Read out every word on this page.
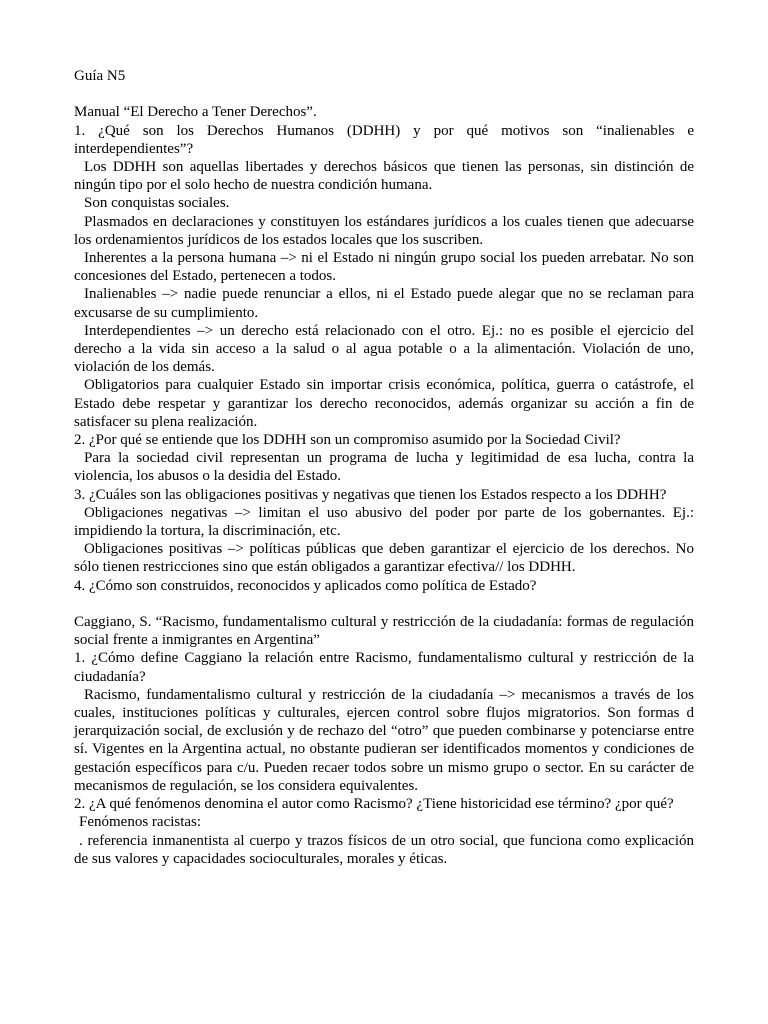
Guía N5

Manual “El Derecho a Tener Derechos”.

1. ¿Qué son los Derechos Humanos (DDHH) y por qué motivos son “inalienables e interdependientes”?

Los DDHH son aquellas libertades y derechos básicos que tienen las personas, sin distinción de ningún tipo por el solo hecho de nuestra condición humana.

Son conquistas sociales.

Plasmados en declaraciones y constituyen los estándares jurídicos a los cuales tienen que adecuarse los ordenamientos jurídicos de los estados locales que los suscriben.

Inherentes a la persona humana –> ni el Estado ni ningún grupo social los pueden arrebatar. No son concesiones del Estado, pertenecen a todos.

Inalienables –> nadie puede renunciar a ellos, ni el Estado puede alegar que no se reclaman para excusarse de su cumplimiento.

Interdependientes –> un derecho está relacionado con el otro. Ej.: no es posible el ejercicio del derecho a la vida sin acceso a la salud o al agua potable o a la alimentación. Violación de uno, violación de los demás.

Obligatorios para cualquier Estado sin importar crisis económica, política, guerra o catástrofe, el Estado debe respetar y garantizar los derecho reconocidos, además organizar su acción a fin de satisfacer su plena realización.

2. ¿Por qué se entiende que los DDHH son un compromiso asumido por la Sociedad Civil?

Para la sociedad civil representan un programa de lucha y legitimidad de esa lucha, contra la violencia, los abusos o la desidia del Estado.

3. ¿Cuáles son las obligaciones positivas y negativas que tienen los Estados respecto a los DDHH?

Obligaciones negativas –> limitan el uso abusivo del poder por parte de los gobernantes. Ej.: impidiendo la tortura, la discriminación, etc.

Obligaciones positivas –> políticas públicas que deben garantizar el ejercicio de los derechos. No sólo tienen restricciones sino que están obligados a garantizar efectiva// los DDHH.

4. ¿Cómo son construidos, reconocidos y aplicados como política de Estado?

Caggiano, S. “Racismo, fundamentalismo cultural y restricción de la ciudadanía: formas de regulación social frente a inmigrantes en Argentina”

1. ¿Cómo define Caggiano la relación entre Racismo, fundamentalismo cultural y restricción de la ciudadanía?

Racismo, fundamentalismo cultural y restricción de la ciudadanía –> mecanismos a través de los cuales, instituciones políticas y culturales, ejercen control sobre flujos migratorios. Son formas d jerarquización social, de exclusión y de rechazo del “otro” que pueden combinarse y potenciarse entre sí. Vigentes en la Argentina actual, no obstante pudieran ser identificados momentos y condiciones de gestación específicos para c/u. Pueden recaer todos sobre un mismo grupo o sector. En su carácter de mecanismos de regulación, se los considera equivalentes.

2. ¿A qué fenómenos denomina el autor como Racismo? ¿Tiene historicidad ese término? ¿por qué?

Fenómenos racistas:

. referencia inmanentista al cuerpo y trazos físicos de un otro social, que funciona como explicación de sus valores y capacidades socioculturales, morales y éticas.
